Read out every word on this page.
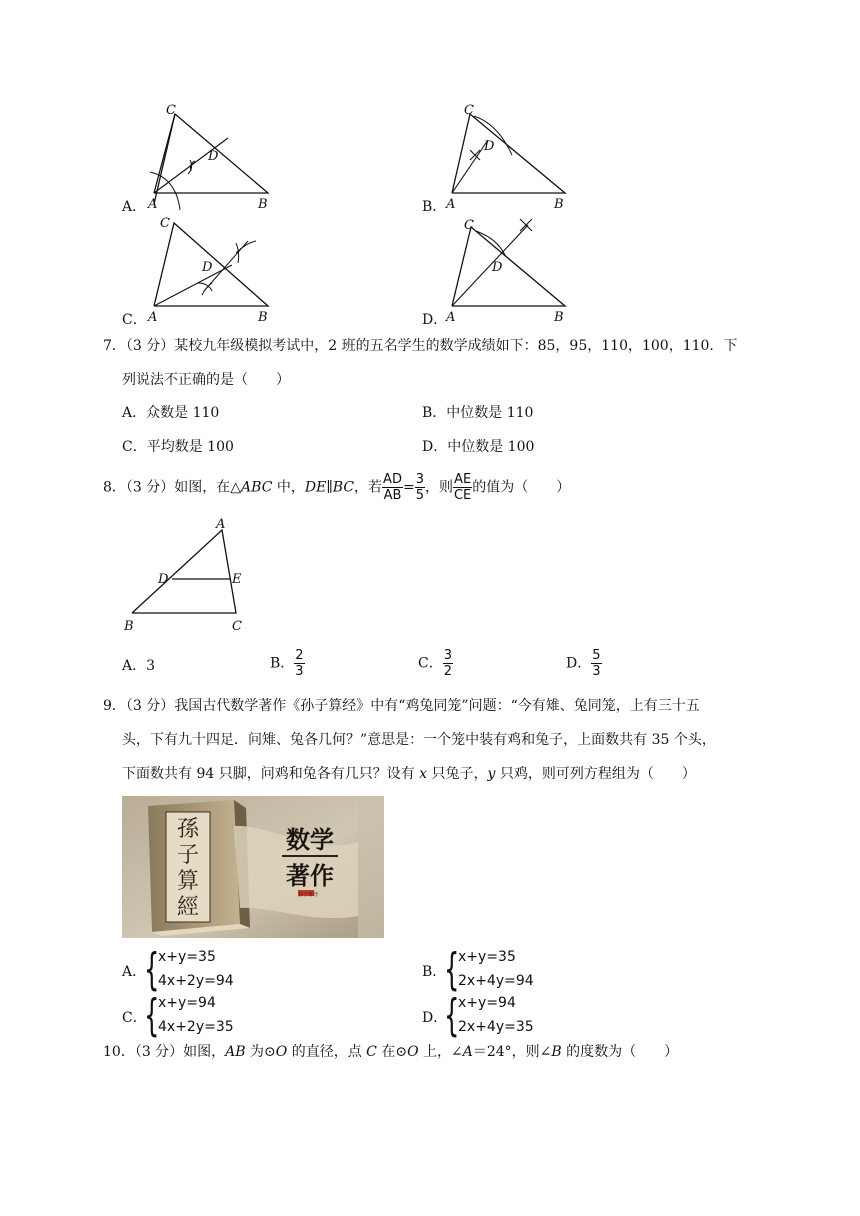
A．
C
D
A	B	B．
C
D
A	B
C．
C
D
A	B	D．
C
D
A	B
7．（3 分）某校九年级模拟考试中，2 班的五名学生的数学成绩如下：85，95，110，100，110．下
列说法不正确的是（　　）
A．众数是 110	B．中位数是 110
C．平均数是 100	D．中位数是 100
8．（3 分）如图，在△ABC 中，DE∥BC，若 $\frac{AD}{AB} = \frac{3}{5}$ ，则 $\frac{AE}{CE}$ 的值为（　　）
A
D	E
B	C
A．3	B． $\frac{2}{3}$	C． $\frac{3}{2}$	D． $\frac{5}{3}$
9．（3 分）我国古代数学著作《孙子算经》中有“鸡兔同笼”问题：“今有雉、兔同笼，上有三十五
头，下有九十四足．问雉、兔各几何？”意思是：一个笼中装有鸡和兔子，上面数共有 35 个头，
下面数共有 94 只脚，问鸡和兔各有几只？设有 x 只兔子，y 只鸡，则可列方程组为（　　）
孫
子
算
經
数学
著作
孙子算经
A．
{
x+y=35
4x+2y=94
B．
{
x+y=35
2x+4y=94
C．
{
x+y=94
4x+2y=35
D．
{
x+y=94
2x+4y=35
10．（3 分）如图，AB 为⊙O 的直径，点 C 在⊙O 上，∠A＝24°，则∠B 的度数为（　　）
